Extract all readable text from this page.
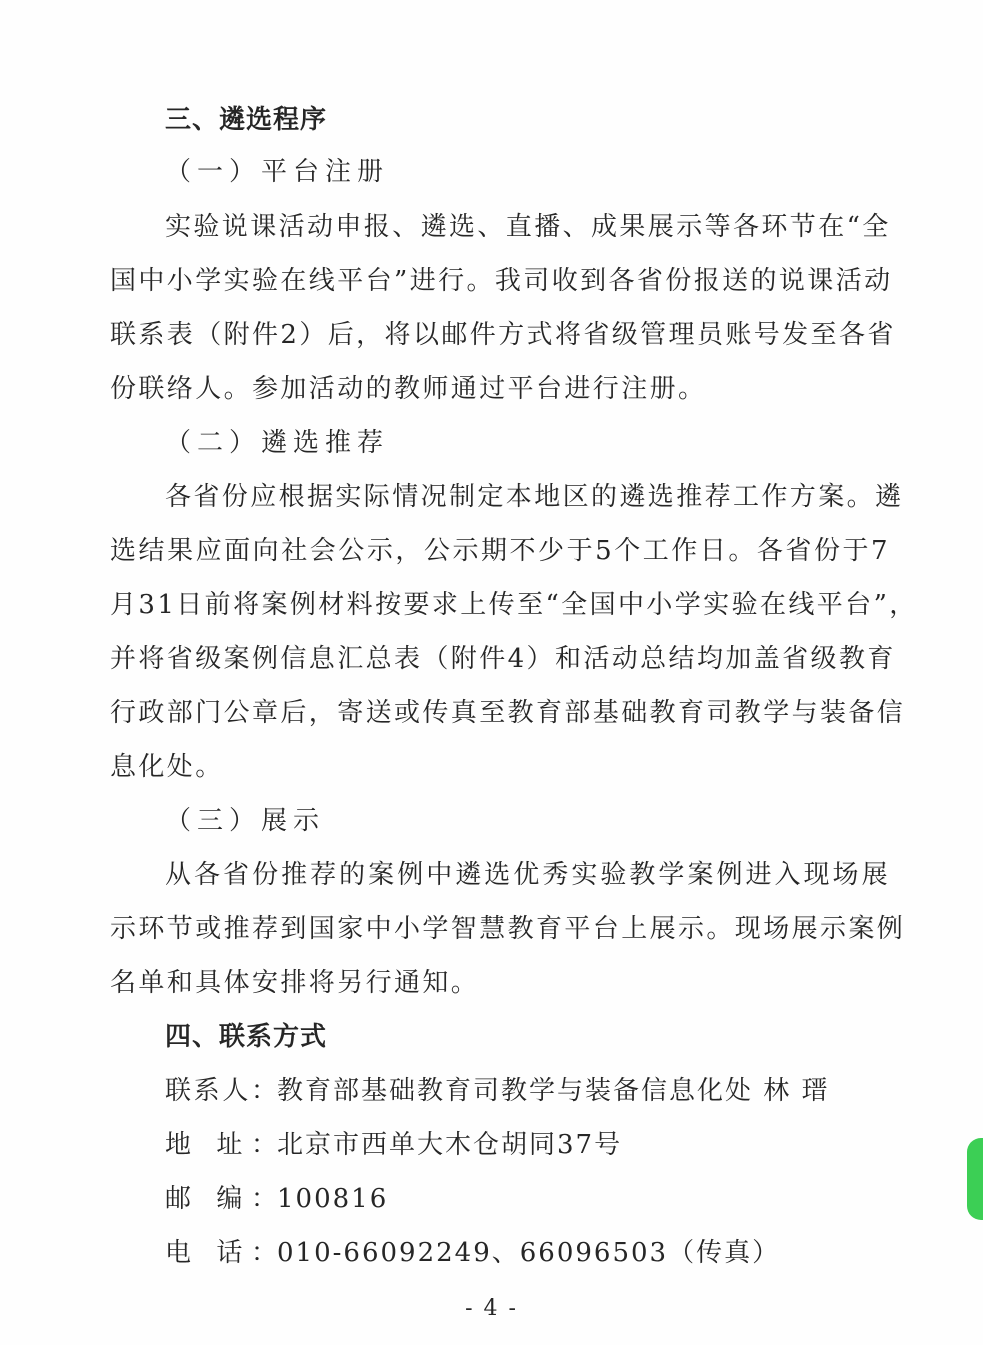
三、遴选程序
（一）平台注册
实验说课活动申报、遴选、直播、成果展示等各环节在“全
国中小学实验在线平台”进行。我司收到各省份报送的说课活动
联系表（附件2）后，将以邮件方式将省级管理员账号发至各省
份联络人。参加活动的教师通过平台进行注册。
（二）遴选推荐
各省份应根据实际情况制定本地区的遴选推荐工作方案。遴
选结果应面向社会公示，公示期不少于5个工作日。各省份于7
月31日前将案例材料按要求上传至“全国中小学实验在线平台”，
并将省级案例信息汇总表（附件4）和活动总结均加盖省级教育
行政部门公章后，寄送或传真至教育部基础教育司教学与装备信
息化处。
（三）展示
从各省份推荐的案例中遴选优秀实验教学案例进入现场展
示环节或推荐到国家中小学智慧教育平台上展示。现场展示案例
名单和具体安排将另行通知。
四、联系方式
联系人： 教育部基础教育司教学与装备信息化处 林 瑨
地 址： 北京市西单大木仓胡同37号
邮 编： 100816
电 话： 010-66092249、66096503（传真）
- 4 -
